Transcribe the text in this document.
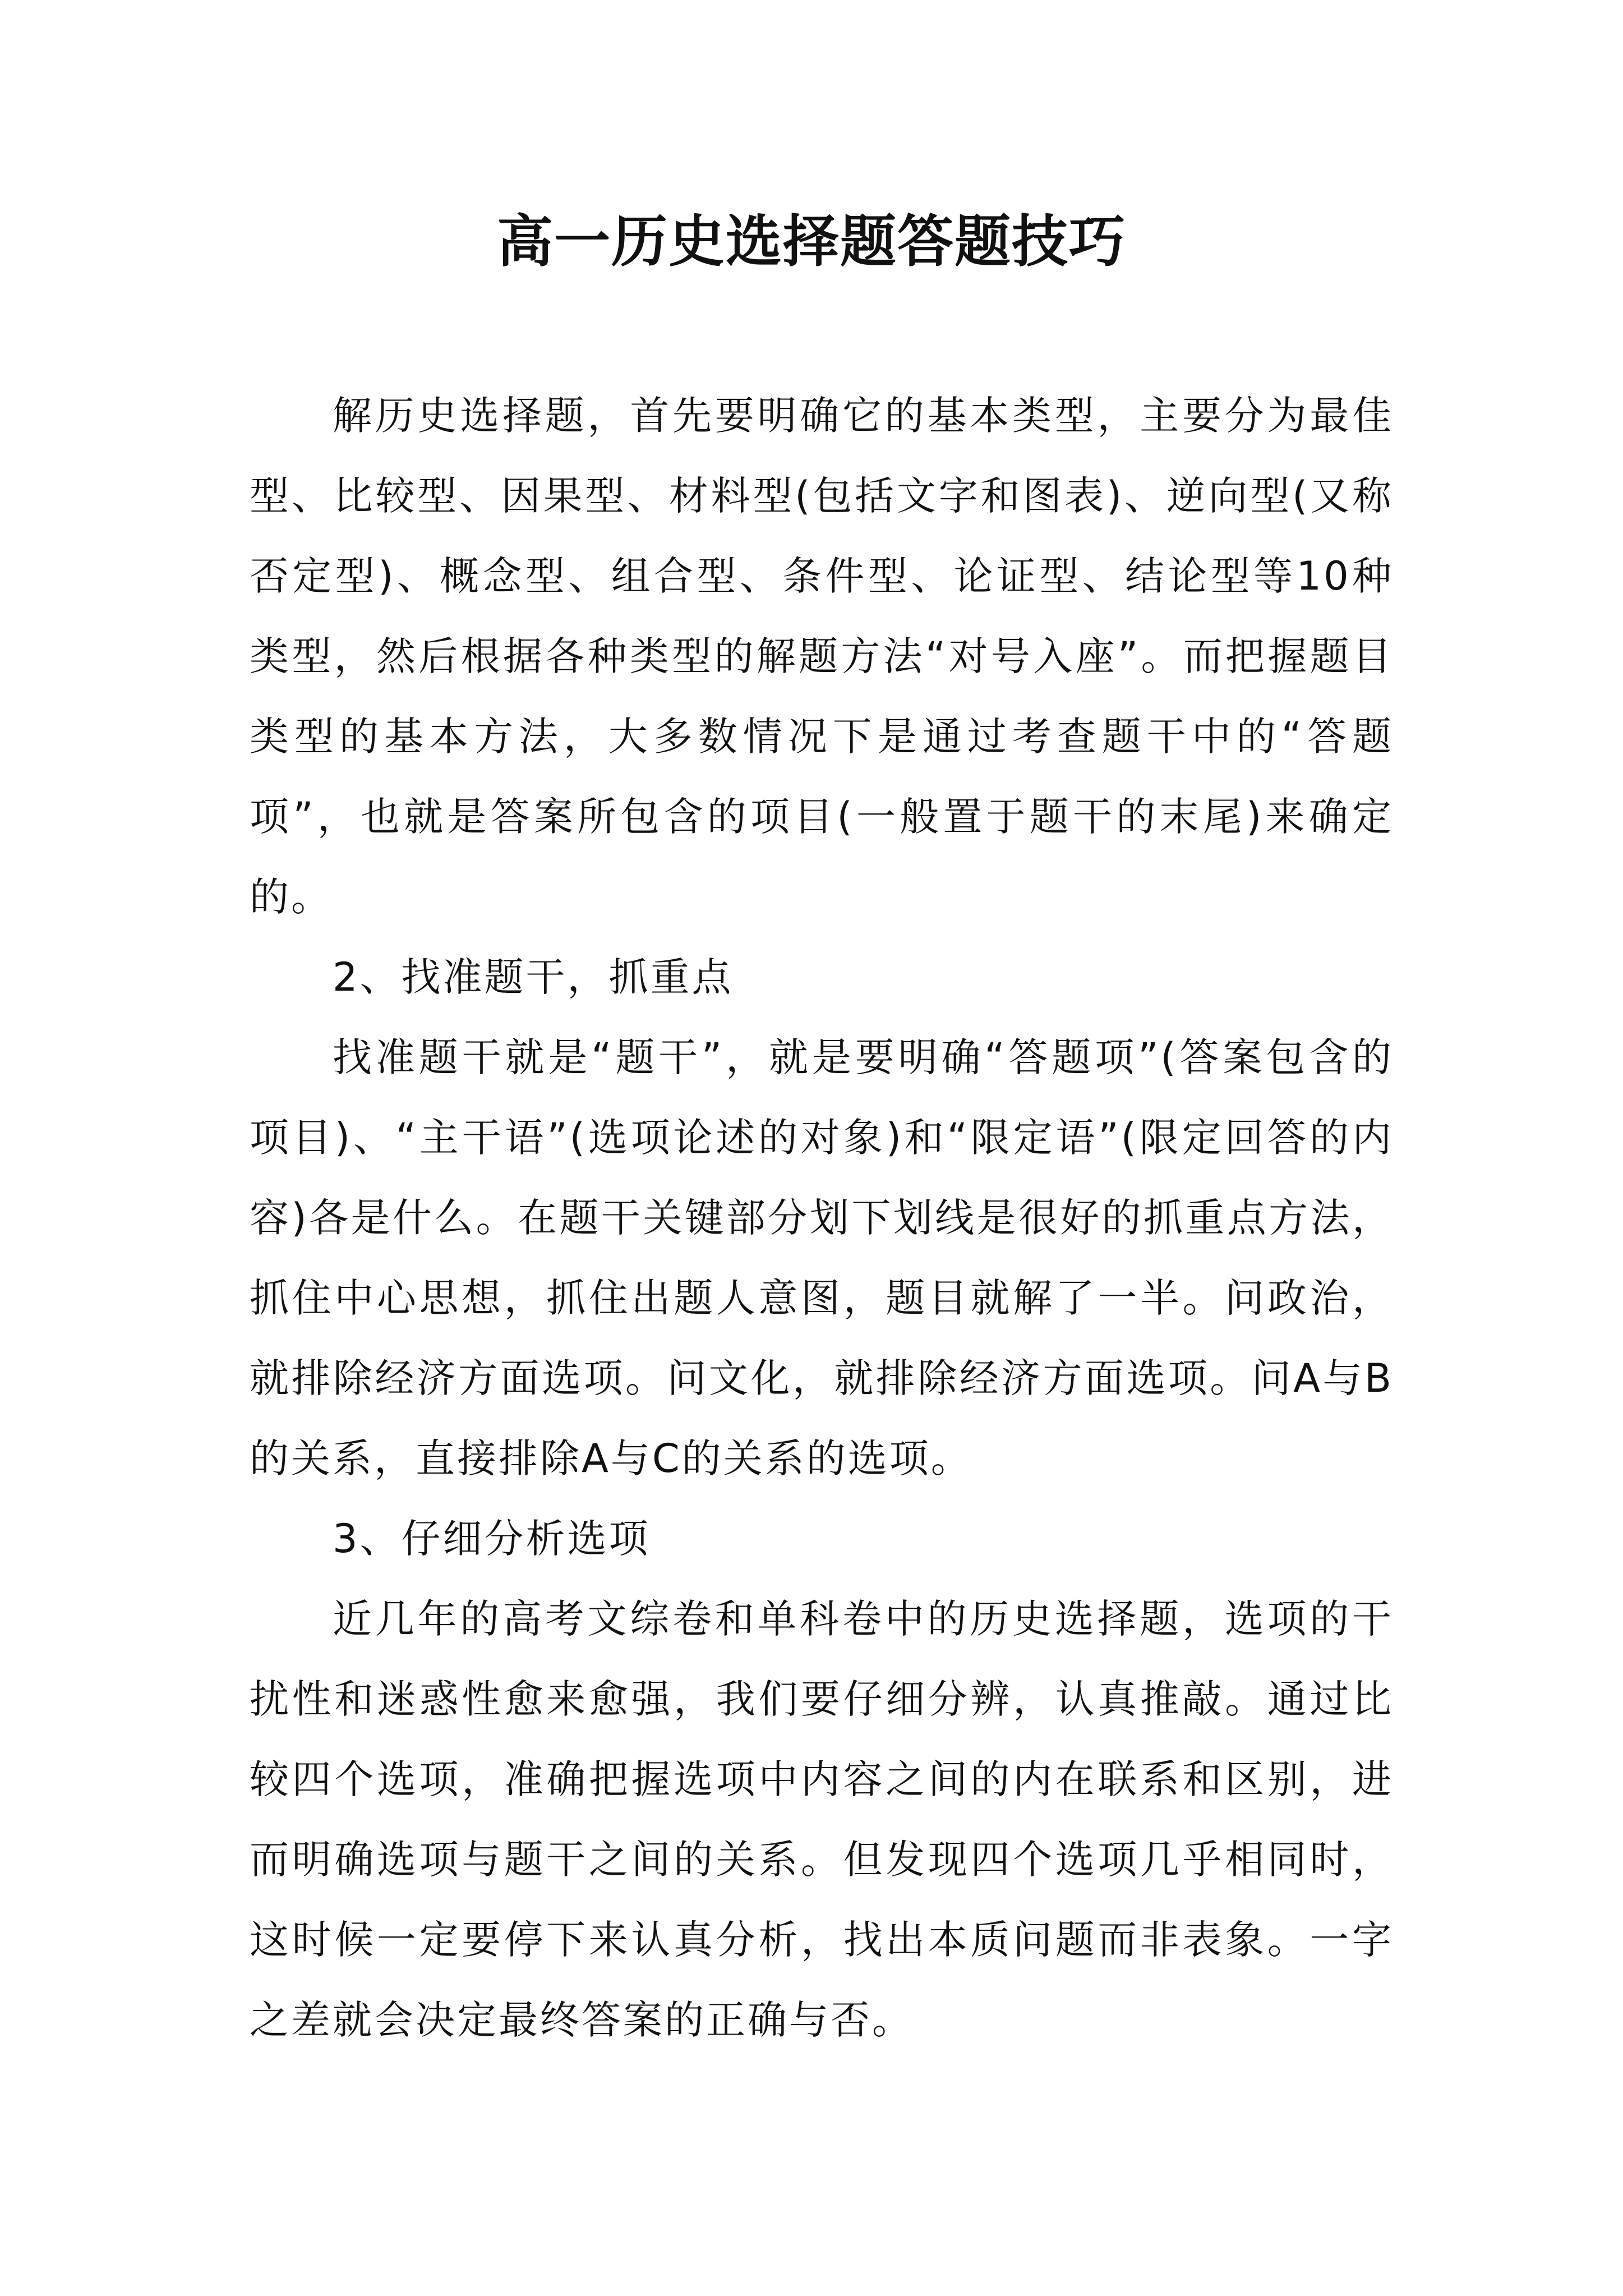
高一历史选择题答题技巧

解历史选择题，首先要明确它的基本类型，主要分为最佳型、比较型、因果型、材料型(包括文字和图表)、逆向型(又称否定型)、概念型、组合型、条件型、论证型、结论型等10种类型，然后根据各种类型的解题方法“对号入座”。而把握题目类型的基本方法，大多数情况下是通过考查题干中的“答题项”，也就是答案所包含的项目(一般置于题干的末尾)来确定的。

2、找准题干，抓重点

找准题干就是“题干”，就是要明确“答题项”(答案包含的项目)、“主干语”(选项论述的对象)和“限定语”(限定回答的内容)各是什么。在题干关键部分划下划线是很好的抓重点方法，抓住中心思想，抓住出题人意图，题目就解了一半。问政治，就排除经济方面选项。问文化，就排除经济方面选项。问A与B的关系，直接排除A与C的关系的选项。

3、仔细分析选项

近几年的高考文综卷和单科卷中的历史选择题，选项的干扰性和迷惑性愈来愈强，我们要仔细分辨，认真推敲。通过比较四个选项，准确把握选项中内容之间的内在联系和区别，进而明确选项与题干之间的关系。但发现四个选项几乎相同时，这时候一定要停下来认真分析，找出本质问题而非表象。一字之差就会决定最终答案的正确与否。
